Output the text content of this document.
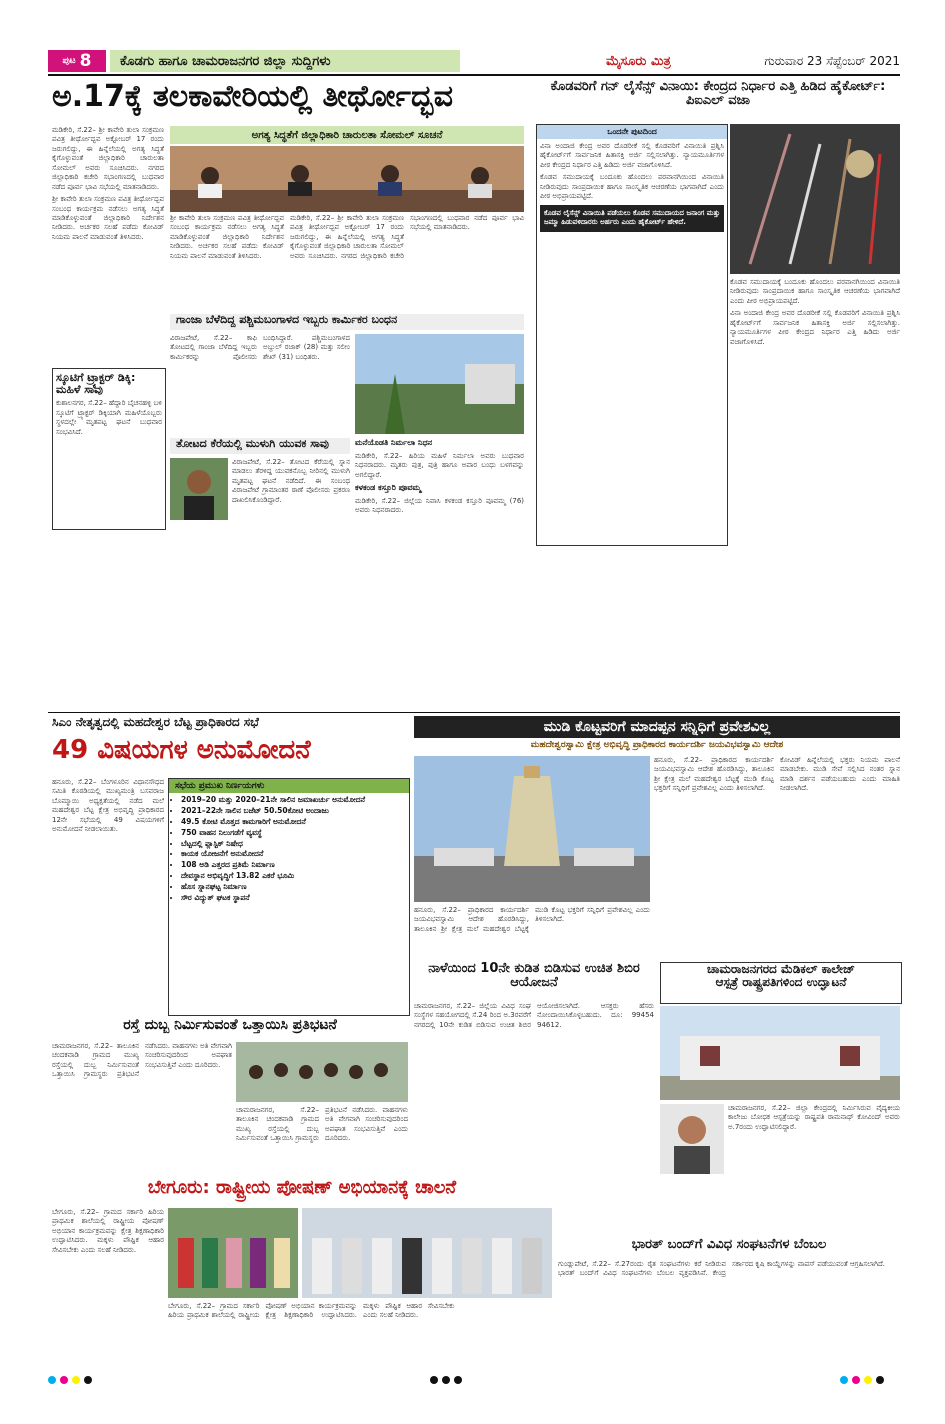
ಪುಟ 8	ಕೊಡಗು ಹಾಗೂ ಚಾಮರಾಜನಗರ ಜಿಲ್ಲಾ ಸುದ್ದಿಗಳು	ಮೈಸೂರು ಮಿತ್ರ	ಗುರುವಾರ 23 ಸೆಪ್ಟೆಂಬರ್ 2021
ಅ.17ಕ್ಕೆ ತಲಕಾವೇರಿಯಲ್ಲಿ ತೀರ್ಥೋದ್ಭವ

ಮಡಿಕೇರಿ, ಸೆ.22– ಶ್ರೀ ಕಾವೇರಿ ತುಲಾ ಸಂಕ್ರಮಣ ಪವಿತ್ರ ತೀರ್ಥೋದ್ಭವ ಅಕ್ಟೋಬರ್ 17 ರಂದು ಜರುಗಲಿದ್ದು, ಈ ಹಿನ್ನೆಲೆಯಲ್ಲಿ ಅಗತ್ಯ ಸಿದ್ಧತೆ ಕೈಗೊಳ್ಳುವಂತೆ ಜಿಲ್ಲಾಧಿಕಾರಿ ಚಾರುಲತಾ ಸೋಮಲ್ ಅವರು ಸೂಚಿಸಿದರು. ನಗರದ ಜಿಲ್ಲಾಧಿಕಾರಿ ಕಚೇರಿ ಸಭಾಂಗಣದಲ್ಲಿ ಬುಧವಾರ ನಡೆದ ಪೂರ್ವ ಭಾವಿ ಸಭೆಯಲ್ಲಿ ಮಾತನಾಡಿದರು.

ಶ್ರೀ ಕಾವೇರಿ ತುಲಾ ಸಂಕ್ರಮಣ ಪವಿತ್ರ ತೀರ್ಥೋದ್ಭವ ಸಂಬಂಧ ಕಾರ್ಯಕ್ರಮ ನಡೆಸಲು ಅಗತ್ಯ ಸಿದ್ಧತೆ ಮಾಡಿಕೊಳ್ಳುವಂತೆ ಜಿಲ್ಲಾಧಿಕಾರಿ ನಿರ್ದೇಶನ ನೀಡಿದರು. ಅರ್ಚಕರ ಸಲಹೆ ಪಡೆದು ಕೋವಿಡ್ ನಿಯಮ ಪಾಲನೆ ಮಾಡುವಂತೆ ತಿಳಿಸಿದರು.

ಅಗತ್ಯ ಸಿದ್ಧತೆಗೆ ಜಿಲ್ಲಾಧಿಕಾರಿ ಚಾರುಲತಾ ಸೋಮಲ್ ಸೂಚನೆ

ಶ್ರೀ ಕಾವೇರಿ ತುಲಾ ಸಂಕ್ರಮಣ ಪವಿತ್ರ ತೀರ್ಥೋದ್ಭವ ಸಂಬಂಧ ಕಾರ್ಯಕ್ರಮ ನಡೆಸಲು ಅಗತ್ಯ ಸಿದ್ಧತೆ ಮಾಡಿಕೊಳ್ಳುವಂತೆ ಜಿಲ್ಲಾಧಿಕಾರಿ ನಿರ್ದೇಶನ ನೀಡಿದರು. ಅರ್ಚಕರ ಸಲಹೆ ಪಡೆದು ಕೋವಿಡ್ ನಿಯಮ ಪಾಲನೆ ಮಾಡುವಂತೆ ತಿಳಿಸಿದರು.

ಮಡಿಕೇರಿ, ಸೆ.22– ಶ್ರೀ ಕಾವೇರಿ ತುಲಾ ಸಂಕ್ರಮಣ ಪವಿತ್ರ ತೀರ್ಥೋದ್ಭವ ಅಕ್ಟೋಬರ್ 17 ರಂದು ಜರುಗಲಿದ್ದು, ಈ ಹಿನ್ನೆಲೆಯಲ್ಲಿ ಅಗತ್ಯ ಸಿದ್ಧತೆ ಕೈಗೊಳ್ಳುವಂತೆ ಜಿಲ್ಲಾಧಿಕಾರಿ ಚಾರುಲತಾ ಸೋಮಲ್ ಅವರು ಸೂಚಿಸಿದರು. ನಗರದ ಜಿಲ್ಲಾಧಿಕಾರಿ ಕಚೇರಿ ಸಭಾಂಗಣದಲ್ಲಿ ಬುಧವಾರ ನಡೆದ ಪೂರ್ವ ಭಾವಿ ಸಭೆಯಲ್ಲಿ ಮಾತನಾಡಿದರು.

ಸ್ಕೂಟಿಗೆ ಟ್ರ್ಯಾಕ್ಟರ್ ಡಿಕ್ಕಿ: ಮಹಿಳೆ ಸಾವು
ಕುಶಾಲನಗರ, ಸೆ.22– ಹೆದ್ದಾರಿ ಬೈಚನಹಳ್ಳಿ ಬಳಿ ಸ್ಕೂಟಿಗೆ ಟ್ರ್ಯಾಕ್ಟರ್ ಡಿಕ್ಕಿಯಾಗಿ ಮಹಿಳೆಯೊಬ್ಬರು ಸ್ಥಳದಲ್ಲೇ ಮೃತಪಟ್ಟ ಘಟನೆ ಬುಧವಾರ ಸಂಭವಿಸಿದೆ.
ಗಾಂಜಾ ಬೆಳೆದಿದ್ದ ಪಶ್ಚಿಮಬಂಗಾಳದ ಇಬ್ಬರು ಕಾರ್ಮಿಕರ ಬಂಧನ
ವಿರಾಜಪೇಟೆ, ಸೆ.22– ಕಾಫಿ ತೋಟದಲ್ಲಿ ಗಾಂಜಾ ಬೆಳೆದಿದ್ದ ಇಬ್ಬರು ಕಾರ್ಮಿಕರನ್ನು ಪೊಲೀಸರು ಬಂಧಿಸಿದ್ದಾರೆ. ಪಶ್ಚಿಮಬಂಗಾಳದ ಅಬ್ದುಲ್ ರಜಾಕ್ (28) ಮತ್ತು ಸಲೀಂ ಶೇಖ್ (31) ಬಂಧಿತರು.
ತೋಟದ ಕೆರೆಯಲ್ಲಿ ಮುಳುಗಿ ಯುವಕ ಸಾವು
ವಿರಾಜಪೇಟೆ, ಸೆ.22– ತೋಟದ ಕೆರೆಯಲ್ಲಿ ಸ್ನಾನ ಮಾಡಲು ತೆರಳಿದ್ದ ಯುವಕನೊಬ್ಬ ನೀರಿನಲ್ಲಿ ಮುಳುಗಿ ಮೃತಪಟ್ಟ ಘಟನೆ ನಡೆದಿದೆ. ಈ ಸಂಬಂಧ ವಿರಾಜಪೇಟೆ ಗ್ರಾಮಾಂತರ ಠಾಣೆ ಪೊಲೀಸರು ಪ್ರಕರಣ ದಾಖಲಿಸಿಕೊಂಡಿದ್ದಾರೆ.

ಮನೆಯೊಡತಿ ನಿರ್ಮಲಾ ನಿಧನ

ಮಡಿಕೇರಿ, ಸೆ.22– ಹಿರಿಯ ಮಹಿಳೆ ನಿರ್ಮಲಾ ಅವರು ಬುಧವಾರ ನಿಧನರಾದರು. ಮೃತರು ಪುತ್ರ, ಪುತ್ರಿ ಹಾಗೂ ಅಪಾರ ಬಂಧು ಬಳಗವನ್ನು ಅಗಲಿದ್ದಾರೆ.

ಕಳಕಂಡ ಕಸ್ತೂರಿ ಪೂವಮ್ಮ

ಮಡಿಕೇರಿ, ಸೆ.22– ಜಿಲ್ಲೆಯ ನಿವಾಸಿ ಕಳಕಂಡ ಕಸ್ತೂರಿ ಪೂವಮ್ಮ (76) ಅವರು ನಿಧನರಾದರು.

ಕೊಡವರಿಗೆ ಗನ್ ಲೈಸೆನ್ಸ್ ವಿನಾಯಿ: ಕೇಂದ್ರದ ನಿರ್ಧಾರ ಎತ್ತಿ ಹಿಡಿದ ಹೈಕೋರ್ಟ್: ಪಿಐಎಲ್ ವಜಾ
ಒಂದನೇ ಪುಟದಿಂದ

ವಿನಾ ಅಂದಾಜಿ ಕೇಂದ್ರ ಅವರ ದೊಡರೀಕೆ ಸಲ್ಲಿ ಕೊಡವರಿಗೆ ವಿನಾಯಿತಿ ಪ್ರಶ್ನಿಸಿ ಹೈಕೋರ್ಟ್‌ಗೆ ಸಾರ್ವಜನಿಕ ಹಿತಾಸಕ್ತಿ ಅರ್ಜಿ ಸಲ್ಲಿಸಲಾಗಿತ್ತು. ನ್ಯಾಯಮೂರ್ತಿಗಳ ಪೀಠ ಕೇಂದ್ರದ ನಿರ್ಧಾರ ಎತ್ತಿ ಹಿಡಿದು ಅರ್ಜಿ ವಜಾಗೊಳಿಸಿದೆ.

ಕೊಡವ ಸಮುದಾಯಕ್ಕೆ ಬಂದೂಕು ಹೊಂದಲು ಪರವಾನಗಿಯಿಂದ ವಿನಾಯಿತಿ ನೀಡಿರುವುದು ಸಾಂಪ್ರದಾಯಿಕ ಹಾಗೂ ಸಾಂಸ್ಕೃತಿಕ ಆಚರಣೆಯ ಭಾಗವಾಗಿದೆ ಎಂದು ಪೀಠ ಅಭಿಪ್ರಾಯಪಟ್ಟಿದೆ.

ಕೊಡವ ಲೈಸೆನ್ಸ್ ವಿನಾಯಿತಿ ಪಡೆಯಲು ಕೊಡವ ಸಮುದಾಯದ ಜನಾಂಗ ಮತ್ತು ಜಮ್ಮಾ ಹಿಡುವಳಿದಾರರು ಅರ್ಹರು ಎಂದು ಹೈಕೋರ್ಟ್ ಹೇಳಿದೆ.

ಕೊಡವ ಸಮುದಾಯಕ್ಕೆ ಬಂದೂಕು ಹೊಂದಲು ಪರವಾನಗಿಯಿಂದ ವಿನಾಯಿತಿ ನೀಡಿರುವುದು ಸಾಂಪ್ರದಾಯಿಕ ಹಾಗೂ ಸಾಂಸ್ಕೃತಿಕ ಆಚರಣೆಯ ಭಾಗವಾಗಿದೆ ಎಂದು ಪೀಠ ಅಭಿಪ್ರಾಯಪಟ್ಟಿದೆ.

ವಿನಾ ಅಂದಾಜಿ ಕೇಂದ್ರ ಅವರ ದೊಡರೀಕೆ ಸಲ್ಲಿ ಕೊಡವರಿಗೆ ವಿನಾಯಿತಿ ಪ್ರಶ್ನಿಸಿ ಹೈಕೋರ್ಟ್‌ಗೆ ಸಾರ್ವಜನಿಕ ಹಿತಾಸಕ್ತಿ ಅರ್ಜಿ ಸಲ್ಲಿಸಲಾಗಿತ್ತು. ನ್ಯಾಯಮೂರ್ತಿಗಳ ಪೀಠ ಕೇಂದ್ರದ ನಿರ್ಧಾರ ಎತ್ತಿ ಹಿಡಿದು ಅರ್ಜಿ ವಜಾಗೊಳಿಸಿದೆ.

ಸಿಎಂ ನೇತೃತ್ವದಲ್ಲಿ ಮಹದೇಶ್ವರ ಬೆಟ್ಟ ಪ್ರಾಧಿಕಾರದ ಸಭೆ
49 ವಿಷಯಗಳ ಅನುಮೋದನೆ
ಹನೂರು, ಸೆ.22– ಬೆಂಗಳೂರಿನ ವಿಧಾನಸೌಧದ ಸಮಿತಿ ಕೊಠಡಿಯಲ್ಲಿ ಮುಖ್ಯಮಂತ್ರಿ ಬಸವರಾಜ ಬೊಮ್ಮಾಯಿ ಅಧ್ಯಕ್ಷತೆಯಲ್ಲಿ ನಡೆದ ಮಲೆ ಮಹದೇಶ್ವರ ಬೆಟ್ಟ ಕ್ಷೇತ್ರ ಅಭಿವೃದ್ಧಿ ಪ್ರಾಧಿಕಾರದ 12ನೇ ಸಭೆಯಲ್ಲಿ 49 ವಿಷಯಗಳಿಗೆ ಅನುಮೋದನೆ ನೀಡಲಾಯಿತು.
ಸಭೆಯ ಪ್ರಮುಖ ನಿರ್ಣಯಗಳು
• 2019–20 ಮತ್ತು 2020–21ನೇ ಸಾಲಿನ ಜಮಾಖರ್ಚು ಅನುಮೋದನೆ
• 2021–22ನೇ ಸಾಲಿನ ಬಜೆಟ್ 50.50ಕೋಟಿ ಅಂದಾಜು
• 49.5 ಕೋಟಿ ಮೊತ್ತದ ಕಾಮಗಾರಿಗೆ ಅನುಮೋದನೆ
• 750 ವಾಹನ ನಿಲುಗಡೆಗೆ ವ್ಯವಸ್ಥೆ
• ಬೆಟ್ಟದಲ್ಲಿ ಪ್ಲಾಸ್ಟಿಕ್ ನಿಷೇಧ
• ಕಾಯಕ ಯೋಜನೆಗೆ ಅನುಮೋದನೆ
• 108 ಅಡಿ ಎತ್ತರದ ಪ್ರತಿಮೆ ನಿರ್ಮಾಣ
• ದೇವಸ್ಥಾನ ಅಭಿವೃದ್ಧಿಗೆ 13.82 ಎಕರೆ ಭೂಮಿ
• ಹೊಸ ಸ್ನಾನಘಟ್ಟ ನಿರ್ಮಾಣ
• ಸೌರ ವಿದ್ಯುತ್ ಘಟಕ ಸ್ಥಾಪನೆ
ಮುಡಿ ಕೊಟ್ಟವರಿಗೆ ಮಾದಪ್ಪನ ಸನ್ನಿಧಿಗೆ ಪ್ರವೇಶವಿಲ್ಲ
ಮಹದೇಶ್ವರಸ್ವಾಮಿ ಕ್ಷೇತ್ರ ಅಭಿವೃದ್ಧಿ ಪ್ರಾಧಿಕಾರದ ಕಾರ್ಯದರ್ಶಿ ಜಯವಿಭವಸ್ವಾಮಿ ಆದೇಶ

ಹನೂರು, ಸೆ.22– ಪ್ರಾಧಿಕಾರದ ಕಾರ್ಯದರ್ಶಿ ಜಯವಿಭವಸ್ವಾಮಿ ಆದೇಶ ಹೊರಡಿಸಿದ್ದು, ತಾಲೂಕಿನ ಶ್ರೀ ಕ್ಷೇತ್ರ ಮಲೆ ಮಹದೇಶ್ವರ ಬೆಟ್ಟಕ್ಕೆ ಮುಡಿ ಕೊಟ್ಟ ಭಕ್ತರಿಗೆ ಸನ್ನಿಧಿಗೆ ಪ್ರವೇಶವಿಲ್ಲ ಎಂದು ತಿಳಿಸಲಾಗಿದೆ.

ಕೋವಿಡ್ ಹಿನ್ನೆಲೆಯಲ್ಲಿ ಭಕ್ತರು ನಿಯಮ ಪಾಲನೆ ಮಾಡಬೇಕು. ಮುಡಿ ಸೇವೆ ಸಲ್ಲಿಸಿದ ನಂತರ ಸ್ನಾನ ಮಾಡಿ ದರ್ಶನ ಪಡೆಯಬಹುದು ಎಂದು ಮಾಹಿತಿ ನೀಡಲಾಗಿದೆ.

ಹನೂರು, ಸೆ.22– ಪ್ರಾಧಿಕಾರದ ಕಾರ್ಯದರ್ಶಿ ಜಯವಿಭವಸ್ವಾಮಿ ಆದೇಶ ಹೊರಡಿಸಿದ್ದು, ತಾಲೂಕಿನ ಶ್ರೀ ಕ್ಷೇತ್ರ ಮಲೆ ಮಹದೇಶ್ವರ ಬೆಟ್ಟಕ್ಕೆ ಮುಡಿ ಕೊಟ್ಟ ಭಕ್ತರಿಗೆ ಸನ್ನಿಧಿಗೆ ಪ್ರವೇಶವಿಲ್ಲ ಎಂದು ತಿಳಿಸಲಾಗಿದೆ.
ನಾಳೆಯಿಂದ 10ನೇ ಕುಡಿತ ಬಿಡಿಸುವ ಉಚಿತ ಶಿಬಿರ ಆಯೋಜನೆ
ಚಾಮರಾಜನಗರ, ಸೆ.22– ಜಿಲ್ಲೆಯ ವಿವಿಧ ಸಂಘ ಸಂಸ್ಥೆಗಳ ಸಹಯೋಗದಲ್ಲಿ ಸೆ.24 ರಿಂದ ಅ.3ರವರೆಗೆ ನಗರದಲ್ಲಿ 10ನೇ ಕುಡಿತ ಬಿಡಿಸುವ ಉಚಿತ ಶಿಬಿರ ಆಯೋಜಿಸಲಾಗಿದೆ. ಆಸಕ್ತರು ಹೆಸರು ನೋಂದಾಯಿಸಿಕೊಳ್ಳಬಹುದು. ದೂ: 99454 94612.
ಚಾಮರಾಜನಗರದ ಮೆಡಿಕಲ್ ಕಾಲೇಜ್
ಆಸ್ಪತ್ರೆ ರಾಷ್ಟ್ರಪತಿಗಳಿಂದ ಉದ್ಘಾಟನೆ
ಚಾಮರಾಜನಗರ, ಸೆ.22– ಜಿಲ್ಲಾ ಕೇಂದ್ರದಲ್ಲಿ ನಿರ್ಮಿಸಿರುವ ವೈದ್ಯಕೀಯ ಕಾಲೇಜು ಬೋಧಕ ಆಸ್ಪತ್ರೆಯನ್ನು ರಾಷ್ಟ್ರಪತಿ ರಾಮನಾಥ್ ಕೋವಿಂದ್ ಅವರು ಅ.7ರಂದು ಉದ್ಘಾಟಿಸಲಿದ್ದಾರೆ.
ರಸ್ತೆ ದುಬ್ಬ ನಿರ್ಮಿಸುವಂತೆ ಒತ್ತಾಯಿಸಿ ಪ್ರತಿಭಟನೆ
ಚಾಮರಾಜನಗರ, ಸೆ.22– ತಾಲೂಕಿನ ಚಂದಕವಾಡಿ ಗ್ರಾಮದ ಮುಖ್ಯ ರಸ್ತೆಯಲ್ಲಿ ದುಬ್ಬ ನಿರ್ಮಿಸುವಂತೆ ಒತ್ತಾಯಿಸಿ ಗ್ರಾಮಸ್ಥರು ಪ್ರತಿಭಟನೆ ನಡೆಸಿದರು. ವಾಹನಗಳು ಅತಿ ವೇಗವಾಗಿ ಸಂಚರಿಸುವುದರಿಂದ ಅಪಘಾತ ಸಂಭವಿಸುತ್ತಿವೆ ಎಂದು ದೂರಿದರು.
ಚಾಮರಾಜನಗರ, ಸೆ.22– ತಾಲೂಕಿನ ಚಂದಕವಾಡಿ ಗ್ರಾಮದ ಮುಖ್ಯ ರಸ್ತೆಯಲ್ಲಿ ದುಬ್ಬ ನಿರ್ಮಿಸುವಂತೆ ಒತ್ತಾಯಿಸಿ ಗ್ರಾಮಸ್ಥರು ಪ್ರತಿಭಟನೆ ನಡೆಸಿದರು. ವಾಹನಗಳು ಅತಿ ವೇಗವಾಗಿ ಸಂಚರಿಸುವುದರಿಂದ ಅಪಘಾತ ಸಂಭವಿಸುತ್ತಿವೆ ಎಂದು ದೂರಿದರು.
ಬೇಗೂರು: ರಾಷ್ಟ್ರೀಯ ಪೋಷಣ್ ಅಭಿಯಾನಕ್ಕೆ ಚಾಲನೆ
ಬೇಗೂರು, ಸೆ.22– ಗ್ರಾಮದ ಸರ್ಕಾರಿ ಹಿರಿಯ ಪ್ರಾಥಮಿಕ ಶಾಲೆಯಲ್ಲಿ ರಾಷ್ಟ್ರೀಯ ಪೋಷಣ್ ಅಭಿಯಾನ ಕಾರ್ಯಕ್ರಮವನ್ನು ಕ್ಷೇತ್ರ ಶಿಕ್ಷಣಾಧಿಕಾರಿ ಉದ್ಘಾಟಿಸಿದರು. ಮಕ್ಕಳು ಪೌಷ್ಟಿಕ ಆಹಾರ ಸೇವಿಸಬೇಕು ಎಂದು ಸಲಹೆ ನೀಡಿದರು.
ಬೇಗೂರು, ಸೆ.22– ಗ್ರಾಮದ ಸರ್ಕಾರಿ ಹಿರಿಯ ಪ್ರಾಥಮಿಕ ಶಾಲೆಯಲ್ಲಿ ರಾಷ್ಟ್ರೀಯ ಪೋಷಣ್ ಅಭಿಯಾನ ಕಾರ್ಯಕ್ರಮವನ್ನು ಕ್ಷೇತ್ರ ಶಿಕ್ಷಣಾಧಿಕಾರಿ ಉದ್ಘಾಟಿಸಿದರು. ಮಕ್ಕಳು ಪೌಷ್ಟಿಕ ಆಹಾರ ಸೇವಿಸಬೇಕು ಎಂದು ಸಲಹೆ ನೀಡಿದರು.
ಭಾರತ್ ಬಂದ್‌ಗೆ ವಿವಿಧ ಸಂಘಟನೆಗಳ ಬೆಂಬಲ
ಗುಂಡ್ಲುಪೇಟೆ, ಸೆ.22– ಸೆ.27ರಂದು ರೈತ ಸಂಘಟನೆಗಳು ಕರೆ ನೀಡಿರುವ ಭಾರತ್ ಬಂದ್‌ಗೆ ವಿವಿಧ ಸಂಘಟನೆಗಳು ಬೆಂಬಲ ವ್ಯಕ್ತಪಡಿಸಿವೆ. ಕೇಂದ್ರ ಸರ್ಕಾರದ ಕೃಷಿ ಕಾಯ್ದೆಗಳನ್ನು ವಾಪಸ್ ಪಡೆಯುವಂತೆ ಆಗ್ರಹಿಸಲಾಗಿದೆ.
